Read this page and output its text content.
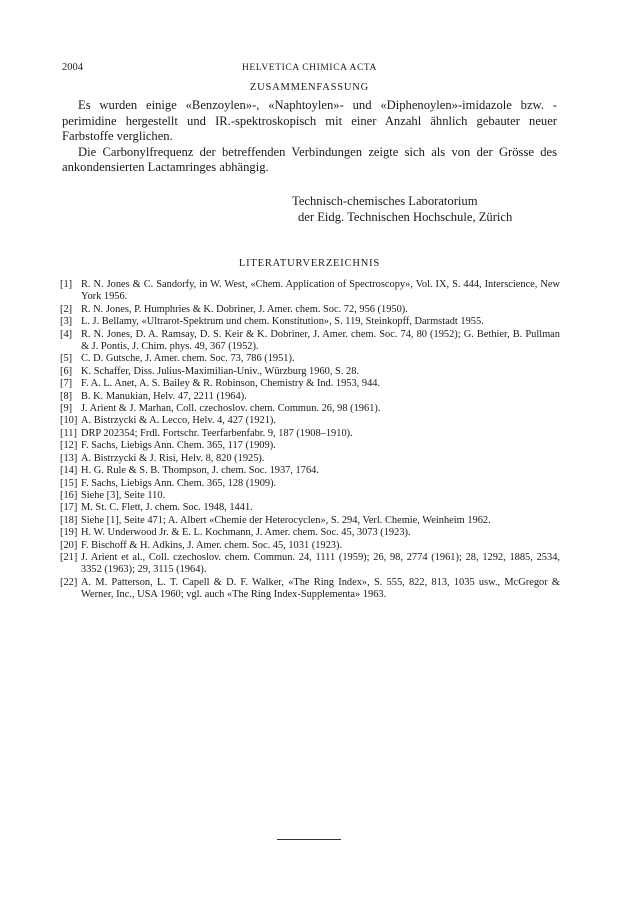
2004	HELVETICA CHIMICA ACTA
ZUSAMMENFASSUNG

Es wurden einige «Benzoylen»-, «Naphtoylen»- und «Diphenoylen»-imidazole bzw. -perimidine hergestellt und IR.-spektroskopisch mit einer Anzahl ähnlich gebauter neuer Farbstoffe verglichen.

Die Carbonylfrequenz der betreffenden Verbindungen zeigte sich als von der Grösse des ankondensierten Lactamringes abhängig.

Technisch-chemisches Laboratorium
der Eidg. Technischen Hochschule, Zürich
LITERATURVERZEICHNIS
[1] R. N. Jones & C. Sandorfy, in W. West, «Chem. Application of Spectroscopy», Vol. IX, S. 444, Interscience, New York 1956.
[2] R. N. Jones, P. Humphries & K. Dobriner, J. Amer. chem. Soc. 72, 956 (1950).
[3] L. J. Bellamy, «Ultrarot-Spektrum und chem. Konstitution», S. 119, Steinkopff, Darmstadt 1955.
[4] R. N. Jones, D. A. Ramsay, D. S. Keir & K. Dobriner, J. Amer. chem. Soc. 74, 80 (1952); G. Bethier, B. Pullman & J. Pontis, J. Chim. phys. 49, 367 (1952).
[5] C. D. Gutsche, J. Amer. chem. Soc. 73, 786 (1951).
[6] K. Schaffer, Diss. Julius-Maximilian-Univ., Würzburg 1960, S. 28.
[7] F. A. L. Anet, A. S. Bailey & R. Robinson, Chemistry & Ind. 1953, 944.
[8] B. K. Manukian, Helv. 47, 2211 (1964).
[9] J. Arient & J. Marhan, Coll. czechoslov. chem. Commun. 26, 98 (1961).
[10] A. Bistrzycki & A. Lecco, Helv. 4, 427 (1921).
[11] DRP 202354; Frdl. Fortschr. Teerfarbenfabr. 9, 187 (1908–1910).
[12] F. Sachs, Liebigs Ann. Chem. 365, 117 (1909).
[13] A. Bistrzycki & J. Risi, Helv. 8, 820 (1925).
[14] H. G. Rule & S. B. Thompson, J. chem. Soc. 1937, 1764.
[15] F. Sachs, Liebigs Ann. Chem. 365, 128 (1909).
[16] Siehe [3], Seite 110.
[17] M. St. C. Flett, J. chem. Soc. 1948, 1441.
[18] Siehe [1], Seite 471; A. Albert «Chemie der Heterocyclen», S. 294, Verl. Chemie, Weinheim 1962.
[19] H. W. Underwood Jr. & E. L. Kochmann, J. Amer. chem. Soc. 45, 3073 (1923).
[20] F. Bischoff & H. Adkins, J. Amer. chem. Soc. 45, 1031 (1923).
[21] J. Arient et al., Coll. czechoslov. chem. Commun. 24, 1111 (1959); 26, 98, 2774 (1961); 28, 1292, 1885, 2534, 3352 (1963); 29, 3115 (1964).
[22] A. M. Patterson, L. T. Capell & D. F. Walker, «The Ring Index», S. 555, 822, 813, 1035 usw., McGregor & Werner, Inc., USA 1960; vgl. auch «The Ring Index-Supplementa» 1963.
